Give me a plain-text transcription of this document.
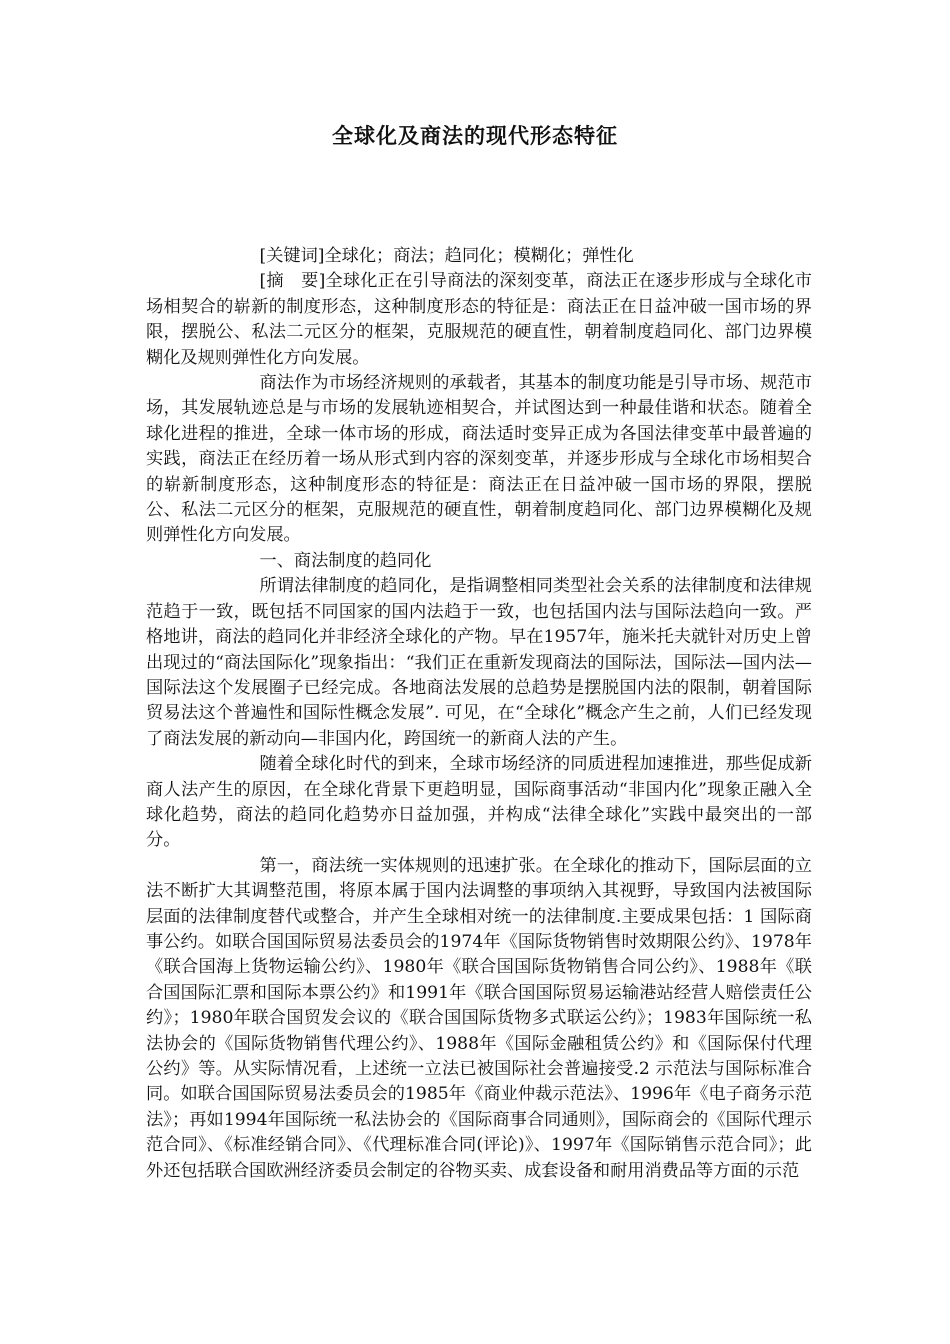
全球化及商法的现代形态特征

[关键词]全球化；商法；趋同化；模糊化；弹性化

[摘　要]全球化正在引导商法的深刻变革，商法正在逐步形成与全球化市场相契合的崭新的制度形态，这种制度形态的特征是：商法正在日益冲破一国市场的界限，摆脱公、私法二元区分的框架，克服规范的硬直性，朝着制度趋同化、部门边界模糊化及规则弹性化方向发展。

商法作为市场经济规则的承载者，其基本的制度功能是引导市场、规范市场，其发展轨迹总是与市场的发展轨迹相契合，并试图达到一种最佳谐和状态。随着全球化进程的推进，全球一体市场的形成，商法适时变异正成为各国法律变革中最普遍的实践，商法正在经历着一场从形式到内容的深刻变革，并逐步形成与全球化市场相契合的崭新制度形态，这种制度形态的特征是：商法正在日益冲破一国市场的界限，摆脱公、私法二元区分的框架，克服规范的硬直性，朝着制度趋同化、部门边界模糊化及规则弹性化方向发展。

一、商法制度的趋同化

所谓法律制度的趋同化，是指调整相同类型社会关系的法律制度和法律规范趋于一致，既包括不同国家的国内法趋于一致，也包括国内法与国际法趋向一致。严格地讲，商法的趋同化并非经济全球化的产物。早在1957年，施米托夫就针对历史上曾出现过的“商法国际化”现象指出：“我们正在重新发现商法的国际法，国际法—国内法—国际法这个发展圈子已经完成。各地商法发展的总趋势是摆脱国内法的限制，朝着国际贸易法这个普遍性和国际性概念发展”. 可见，在“全球化”概念产生之前，人们已经发现了商法发展的新动向—非国内化，跨国统一的新商人法的产生。

随着全球化时代的到来，全球市场经济的同质进程加速推进，那些促成新商人法产生的原因，在全球化背景下更趋明显，国际商事活动“非国内化”现象正融入全球化趋势，商法的趋同化趋势亦日益加强，并构成“法律全球化”实践中最突出的一部分。

第一，商法统一实体规则的迅速扩张。在全球化的推动下，国际层面的立法不断扩大其调整范围，将原本属于国内法调整的事项纳入其视野，导致国内法被国际层面的法律制度替代或整合，并产生全球相对统一的法律制度.主要成果包括：1 国际商事公约。如联合国国际贸易法委员会的1974年《国际货物销售时效期限公约》、1978年《联合国海上货物运输公约》、1980年《联合国国际货物销售合同公约》、1988年《联合国国际汇票和国际本票公约》和1991年《联合国国际贸易运输港站经营人赔偿责任公约》；1980年联合国贸发会议的《联合国国际货物多式联运公约》；1983年国际统一私法协会的《国际货物销售代理公约》、1988年《国际金融租赁公约》和《国际保付代理公约》等。从实际情况看，上述统一立法已被国际社会普遍接受.2 示范法与国际标准合同。如联合国国际贸易法委员会的1985年《商业仲裁示范法》、1996年《电子商务示范法》；再如1994年国际统一私法协会的《国际商事合同通则》，国际商会的《国际代理示范合同》、《标准经销合同》、《代理标准合同(评论)》、1997年《国际销售示范合同》；此外还包括联合国欧洲经济委员会制定的谷物买卖、成套设备和耐用消费品等方面的示范
